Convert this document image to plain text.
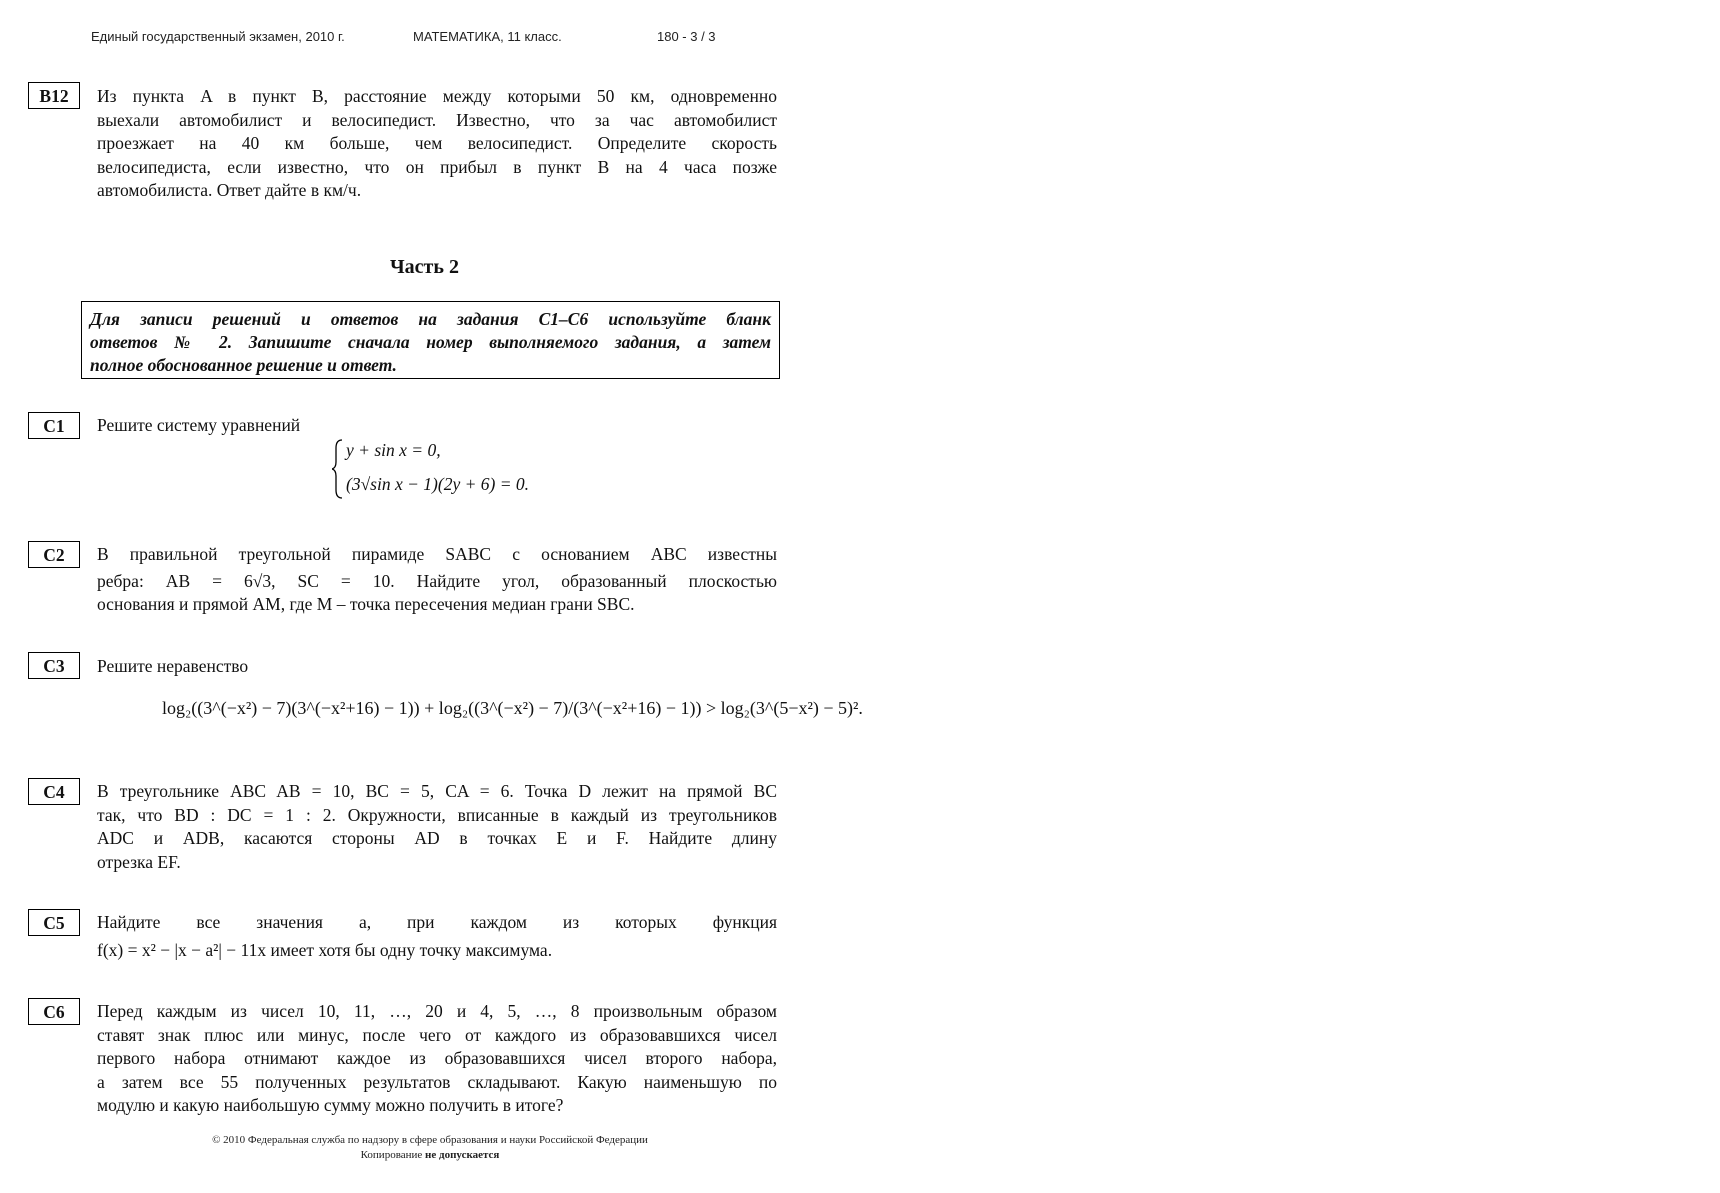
Единый государственный экзамен, 2010 г.	МАТЕМАТИКА, 11 класс.	180 - 3 / 3
B12	Из пункта A в пункт B, расстояние между которыми 50 км, одновременно
выехали автомобилист и велосипедист. Известно, что за час автомобилист
проезжает на 40 км больше, чем велосипедист. Определите скорость
велосипедиста, если известно, что он прибыл в пункт B на 4 часа позже
автомобилиста. Ответ дайте в км/ч.
Часть 2
Для записи решений и ответов на задания С1–С6 используйте бланк
ответов № 2. Запишите сначала номер выполняемого задания, а затем
полное обоснованное решение и ответ.
С1	Решите систему уравнений
y + sin x = 0,
(3√sin x − 1)(2y + 6) = 0.
С2	В правильной треугольной пирамиде SABC с основанием ABC известны
ребра: AB = 6√3, SC = 10. Найдите угол, образованный плоскостью
основания и прямой AM, где M – точка пересечения медиан грани SBC.
С3	Решите неравенство
log₂((3^(−x²) − 7)(3^(−x²+16) − 1)) + log₂((3^(−x²) − 7)/(3^(−x²+16) − 1)) > log₂(3^(5−x²) − 5)².
С4	В треугольнике ABC AB = 10, BC = 5, CA = 6. Точка D лежит на прямой BC
так, что BD : DC = 1 : 2. Окружности, вписанные в каждый из треугольников
ADC и ADB, касаются стороны AD в точках E и F. Найдите длину
отрезка EF.
С5	Найдите все значения a, при каждом из которых функция
f(x) = x² − |x − a²| − 11x имеет хотя бы одну точку максимума.
С6	Перед каждым из чисел 10, 11, …, 20 и 4, 5, …, 8 произвольным образом
ставят знак плюс или минус, после чего от каждого из образовавшихся чисел
первого набора отнимают каждое из образовавшихся чисел второго набора,
а затем все 55 полученных результатов складывают. Какую наименьшую по
модулю и какую наибольшую сумму можно получить в итоге?
© 2010 Федеральная служба по надзору в сфере образования и науки Российской Федерации
Копирование не допускается
